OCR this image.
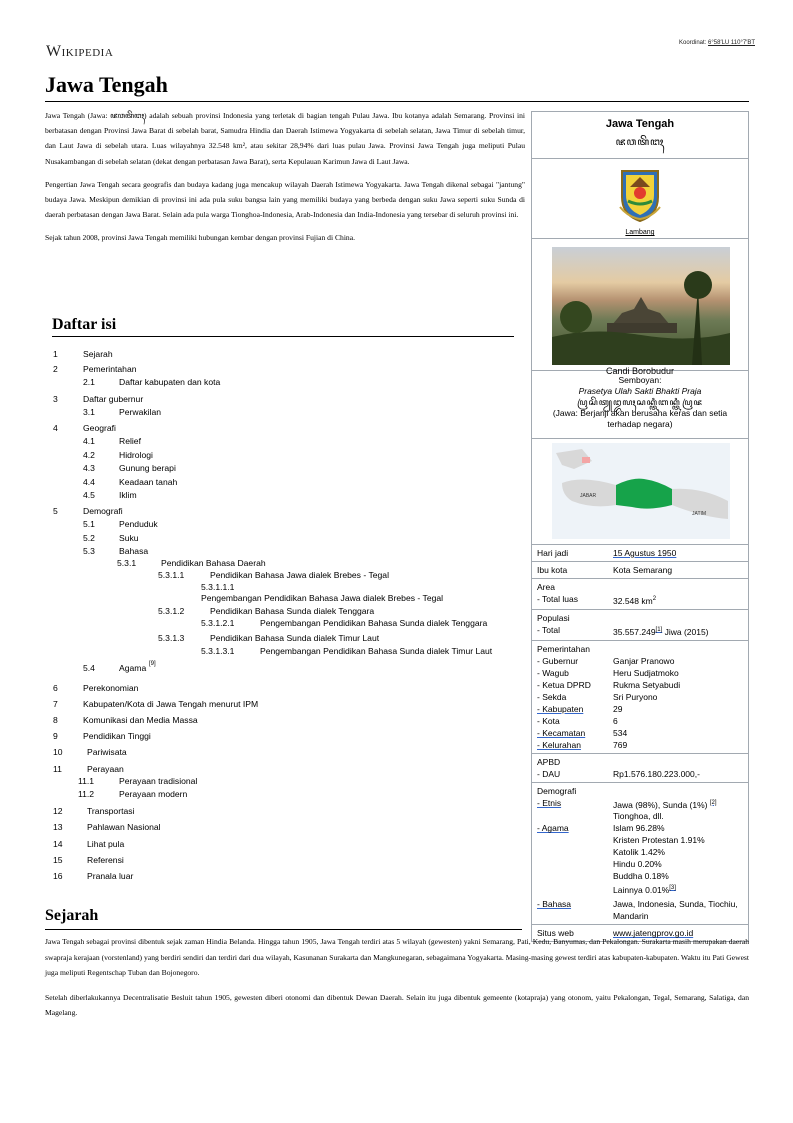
Wikipedia	Koordinat: 6°58′LU 110°7′BT
Jawa Tengah

Jawa Tengah (Jawa: ꦗꦮꦠꦼꦔꦃ) adalah sebuah provinsi Indonesia yang terletak di bagian tengah Pulau Jawa. Ibu kotanya adalah Semarang. Provinsi ini berbatasan dengan Provinsi Jawa Barat di sebelah barat, Samudra Hindia dan Daerah Istimewa Yogyakarta di sebelah selatan, Jawa Timur di sebelah timur, dan Laut Jawa di sebelah utara. Luas wilayahnya 32.548 km², atau sekitar 28,94% dari luas pulau Jawa. Provinsi Jawa Tengah juga meliputi Pulau Nusakambangan di sebelah selatan (dekat dengan perbatasan Jawa Barat), serta Kepulauan Karimun Jawa di Laut Jawa.

Pengertian Jawa Tengah secara geografis dan budaya kadang juga mencakup wilayah Daerah Istimewa Yogyakarta. Jawa Tengah dikenal sebagai "jantung" budaya Jawa. Meskipun demikian di provinsi ini ada pula suku bangsa lain yang memiliki budaya yang berbeda dengan suku Jawa seperti suku Sunda di daerah perbatasan dengan Jawa Barat. Selain ada pula warga Tionghoa-Indonesia, Arab-Indonesia dan India-Indonesia yang tersebar di seluruh provinsi ini.

Sejak tahun 2008, provinsi Jawa Tengah memiliki hubungan kembar dengan provinsi Fujian di China.

Jawa Tengah
ꦗꦮꦠꦼꦔꦃ
Lambang
Candi Borobudur
Semboyan:
Prasetya Ulah Sakti Bhakti Praja
ꦥꦿꦱꦼꦠꦾꦈꦭꦃꦱꦏ꧀ꦠꦶꦧꦏ꧀ꦠꦶꦥꦿꦗ
(Jawa: Berjanji akan berusaha keras dan setia terhadap negara)
JABAR
JATIM
Hari jadi	15 Agustus 1950
Ibu kota	Kota Semarang
Area
- Total luas	32.548 $km^2$
Populasi
- Total	35.557.249[1] Jiwa (2015)
Pemerintahan
- Gubernur	Ganjar Pranowo
- Wagub	Heru Sudjatmoko
- Ketua DPRD	Rukma Setyabudi
- Sekda	Sri Puryono
- Kabupaten	29
- Kota	6
- Kecamatan	534
- Kelurahan	769
APBD
- DAU	Rp1.576.180.223.000,-
Demografi
- Etnis	Jawa (98%), Sunda (1%) [2]
Tionghoa, dll.
- Agama	Islam 96.28%
Kristen Protestan 1.91%
Katolik 1.42%
Hindu 0.20%
Buddha 0.18%
Lainnya 0.01%[3]
- Bahasa	Jawa, Indonesia, Sunda, Tiochiu, Mandarin
Situs web	www.jatengprov.go.id
Daftar isi
1	Sejarah
2	Pemerintahan
2.1	Daftar kabupaten dan kota
3	Daftar gubernur
3.1	Perwakilan
4	Geografi
4.1	Relief
4.2	Hidrologi
4.3	Gunung berapi
4.4	Keadaan tanah
4.5	Iklim
5	Demografi
5.1	Penduduk
5.2	Suku
5.3	Bahasa
5.3.1	Pendidikan Bahasa Daerah
5.3.1.1	Pendidikan Bahasa Jawa dialek Brebes - Tegal
5.3.1.1.1
Pengembangan Pendidikan Bahasa Jawa dialek Brebes - Tegal
5.3.1.2	Pendidikan Bahasa Sunda dialek Tenggara
5.3.1.2.1	Pengembangan Pendidikan Bahasa Sunda dialek Tenggara
5.3.1.3	Pendidikan Bahasa Sunda dialek Timur Laut
5.3.1.3.1	Pengembangan Pendidikan Bahasa Sunda dialek Timur Laut
5.4	Agama [9]
6	Perekonomian
7	Kabupaten/Kota di Jawa Tengah menurut IPM
8	Komunikasi dan Media Massa
9	Pendidikan Tinggi
10	Pariwisata
11	Perayaan
11.1	Perayaan tradisional
11.2	Perayaan modern
12	Transportasi
13	Pahlawan Nasional
14	Lihat pula
15	Referensi
16	Pranala luar
Sejarah

Jawa Tengah sebagai provinsi dibentuk sejak zaman Hindia Belanda. Hingga tahun 1905, Jawa Tengah terdiri atas 5 wilayah (gewesten) yakni Semarang, Pati, Kedu, Banyumas, dan Pekalongan. Surakarta masih merupakan daerah swapraja kerajaan (vorstenland) yang berdiri sendiri dan terdiri dari dua wilayah, Kasunanan Surakarta dan Mangkunegaran, sebagaimana Yogyakarta. Masing-masing gewest terdiri atas kabupaten-kabupaten. Waktu itu Pati Gewest juga meliputi Regentschap Tuban dan Bojonegoro.

Setelah diberlakukannya Decentralisatie Besluit tahun 1905, gewesten diberi otonomi dan dibentuk Dewan Daerah. Selain itu juga dibentuk gemeente (kotapraja) yang otonom, yaitu Pekalongan, Tegal, Semarang, Salatiga, dan Magelang.
